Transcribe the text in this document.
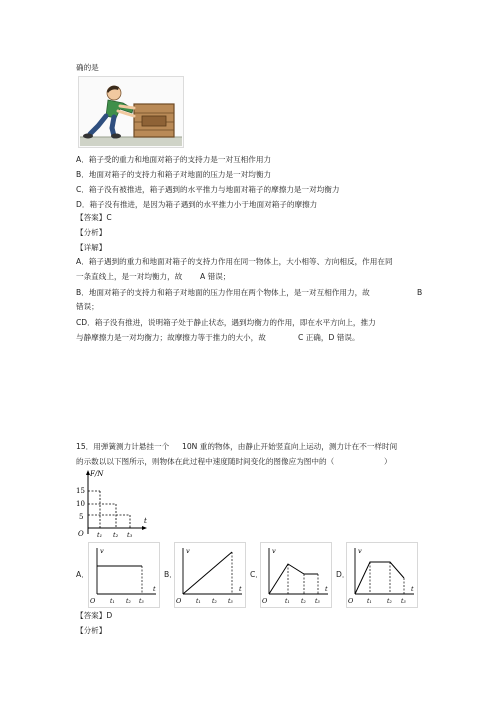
确的是
A．箱子受的重力和地面对箱子的支持力是一对互相作用力
B．地面对箱子的支持力和箱子对地面的压力是一对均衡力
C．箱子没有被推进，箱子遇到的水平推力与地面对箱子的摩擦力是一对均衡力
D．箱子没有推进，是因为箱子遇到的水平推力小于地面对箱子的摩擦力
【答案】C
【分析】
【详解】
A．箱子遇到的重力和地面对箱子的支持力作用在同一物体上，大小相等、方向相反，作用在同
一条直线上，是一对均衡力，故 A 错误；
B．地面对箱子的支持力和箱子对地面的压力作用在两个物体上，是一对互相作用力，故	B
错误；
CD．箱子没有推进，说明箱子处于静止状态，遇到均衡力的作用，即在水平方向上，推力
与静摩擦力是一对均衡力；故摩擦力等于推力的大小，故	C 正确，D 错误。
15．用弹簧测力计悬挂一个 10N 重的物体，由静止开始竖直向上运动，测力计在不一样时间
的示数以以下图所示，则物体在此过程中速度随时间变化的图像应为图中的（	）
F/N
15
10
5
O t₁ t₂ t₃
t
A．
v
O
t
t₁ t₂ t₃
B．
v
O
t
t₁ t₂ t₃
C．
v
O
t
t₁ t₂ t₃
D．
v
O
t
t₁	t₂ t₃
【答案】D
【分析】
